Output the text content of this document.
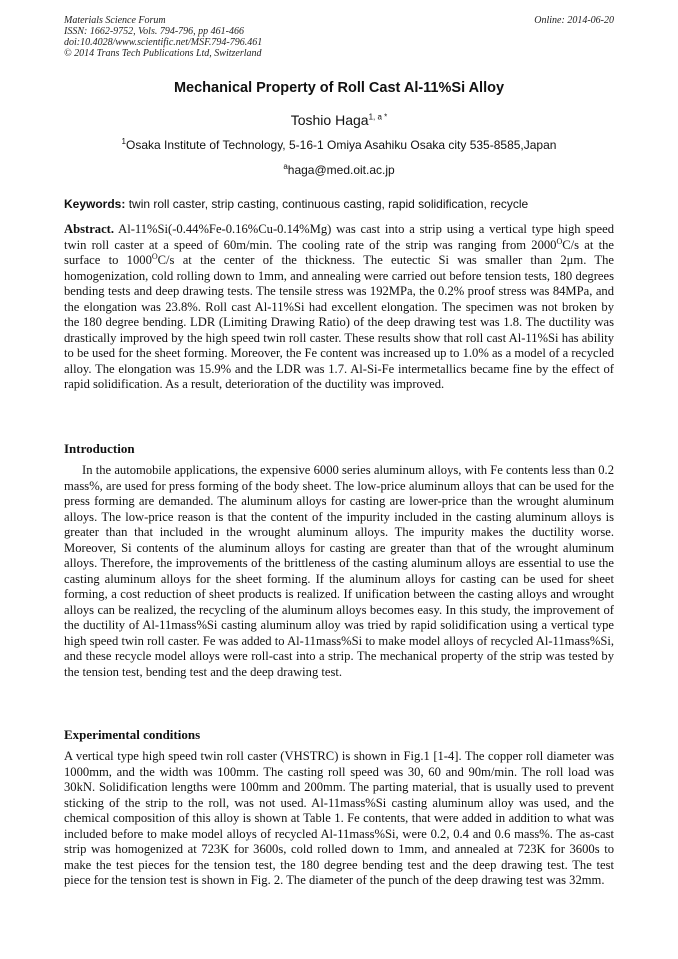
Materials Science Forum
ISSN: 1662-9752, Vols. 794-796, pp 461-466
doi:10.4028/www.scientific.net/MSF.794-796.461
© 2014 Trans Tech Publications Ltd, Switzerland
Online: 2014-06-20
Mechanical Property of Roll Cast Al-11%Si Alloy
Toshio Haga$^{1, a *}$
$^1$Osaka Institute of Technology, 5-16-1 Omiya Asahiku Osaka city 535-8585,Japan
$^a$haga@med.oit.ac.jp
Keywords: twin roll caster, strip casting, continuous casting, rapid solidification, recycle
Abstract. Al-11%Si(-0.44%Fe-0.16%Cu-0.14%Mg) was cast into a strip using a vertical type high speed twin roll caster at a speed of 60m/min. The cooling rate of the strip was ranging from $2000^OC/s$ at the surface to $1000^OC/s$ at the center of the thickness. The eutectic Si was smaller than 2μm. The homogenization, cold rolling down to 1mm, and annealing were carried out before tension tests, 180 degrees bending tests and deep drawing tests. The tensile stress was 192MPa, the 0.2% proof stress was 84MPa, and the elongation was 23.8%. Roll cast Al-11%Si had excellent elongation. The specimen was not broken by the 180 degree bending. LDR (Limiting Drawing Ratio) of the deep drawing test was 1.8. The ductility was drastically improved by the high speed twin roll caster. These results show that roll cast Al-11%Si has ability to be used for the sheet forming. Moreover, the Fe content was increased up to 1.0% as a model of a recycled alloy. The elongation was 15.9% and the LDR was 1.7. Al-Si-Fe intermetallics became fine by the effect of rapid solidification. As a result, deterioration of the ductility was improved.
Introduction
In the automobile applications, the expensive 6000 series aluminum alloys, with Fe contents less than 0.2 mass%, are used for press forming of the body sheet. The low-price aluminum alloys that can be used for the press forming are demanded. The aluminum alloys for casting are lower-price than the wrought aluminum alloys. The low-price reason is that the content of the impurity included in the casting aluminum alloys is greater than that included in the wrought aluminum alloys. The impurity makes the ductility worse. Moreover, Si contents of the aluminum alloys for casting are greater than that of the wrought aluminum alloys. Therefore, the improvements of the brittleness of the casting aluminum alloys are essential to use the casting aluminum alloys for the sheet forming. If the aluminum alloys for casting can be used for sheet forming, a cost reduction of sheet products is realized. If unification between the casting alloys and wrought alloys can be realized, the recycling of the aluminum alloys becomes easy. In this study, the improvement of the ductility of Al-11mass%Si casting aluminum alloy was tried by rapid solidification using a vertical type high speed twin roll caster. Fe was added to Al-11mass%Si to make model alloys of recycled Al-11mass%Si, and these recycle model alloys were roll-cast into a strip. The mechanical property of the strip was tested by the tension test, bending test and the deep drawing test.
Experimental conditions
A vertical type high speed twin roll caster (VHSTRC) is shown in Fig.1 [1-4]. The copper roll diameter was 1000mm, and the width was 100mm. The casting roll speed was 30, 60 and 90m/min. The roll load was 30kN. Solidification lengths were 100mm and 200mm. The parting material, that is usually used to prevent sticking of the strip to the roll, was not used. Al-11mass%Si casting aluminum alloy was used, and the chemical composition of this alloy is shown at Table 1. Fe contents, that were added in addition to what was included before to make model alloys of recycled Al-11mass%Si, were 0.2, 0.4 and 0.6 mass%. The as-cast strip was homogenized at 723K for 3600s, cold rolled down to 1mm, and annealed at 723K for 3600s to make the test pieces for the tension test, the 180 degree bending test and the deep drawing test. The test piece for the tension test is shown in Fig. 2. The diameter of the punch of the deep drawing test was 32mm.
